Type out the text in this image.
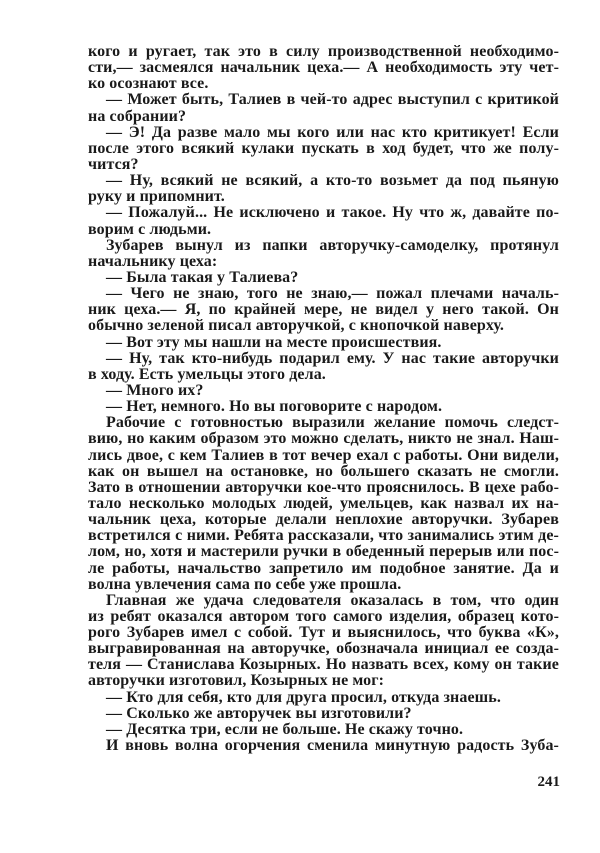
кого и ругает, так это в силу производственной необходимо-
сти,— засмеялся начальник цеха.— А необходимость эту чет-
ко осознают все.
— Может быть, Талиев в чей-то адрес выступил с критикой
на собрании?
— Э! Да разве мало мы кого или нас кто критикует! Если
после этого всякий кулаки пускать в ход будет, что же полу-
чится?
— Ну, всякий не всякий, а кто-то возьмет да под пьяную
руку и припомнит.
— Пожалуй... Не исключено и такое. Ну что ж, давайте по-
ворим с людьми.
Зубарев вынул из папки авторучку-самоделку, протянул
начальнику цеха:
— Была такая у Талиева?
— Чего не знаю, того не знаю,— пожал плечами началь-
ник цеха.— Я, по крайней мере, не видел у него такой. Он
обычно зеленой писал авторучкой, с кнопочкой наверху.
— Вот эту мы нашли на месте происшествия.
— Ну, так кто-нибудь подарил ему. У нас такие авторучки
в ходу. Есть умельцы этого дела.
— Много их?
— Нет, немного. Но вы поговорите с народом.
Рабочие с готовностью выразили желание помочь следст-
вию, но каким образом это можно сделать, никто не знал. Наш-
лись двое, с кем Талиев в тот вечер ехал с работы. Они видели,
как он вышел на остановке, но большего сказать не смогли.
Зато в отношении авторучки кое-что прояснилось. В цехе рабо-
тало несколько молодых людей, умельцев, как назвал их на-
чальник цеха, которые делали неплохие авторучки. Зубарев
встретился с ними. Ребята рассказали, что занимались этим де-
лом, но, хотя и мастерили ручки в обеденный перерыв или пос-
ле работы, начальство запретило им подобное занятие. Да и
волна увлечения сама по себе уже прошла.
Главная же удача следователя оказалась в том, что один
из ребят оказался автором того самого изделия, образец кото-
рого Зубарев имел с собой. Тут и выяснилось, что буква «К»,
выгравированная на авторучке, обозначала инициал ее созда-
теля — Станислава Козырных. Но назвать всех, кому он такие
авторучки изготовил, Козырных не мог:
— Кто для себя, кто для друга просил, откуда знаешь.
— Сколько же авторучек вы изготовили?
— Десятка три, если не больше. Не скажу точно.
И вновь волна огорчения сменила минутную радость Зуба-
241
